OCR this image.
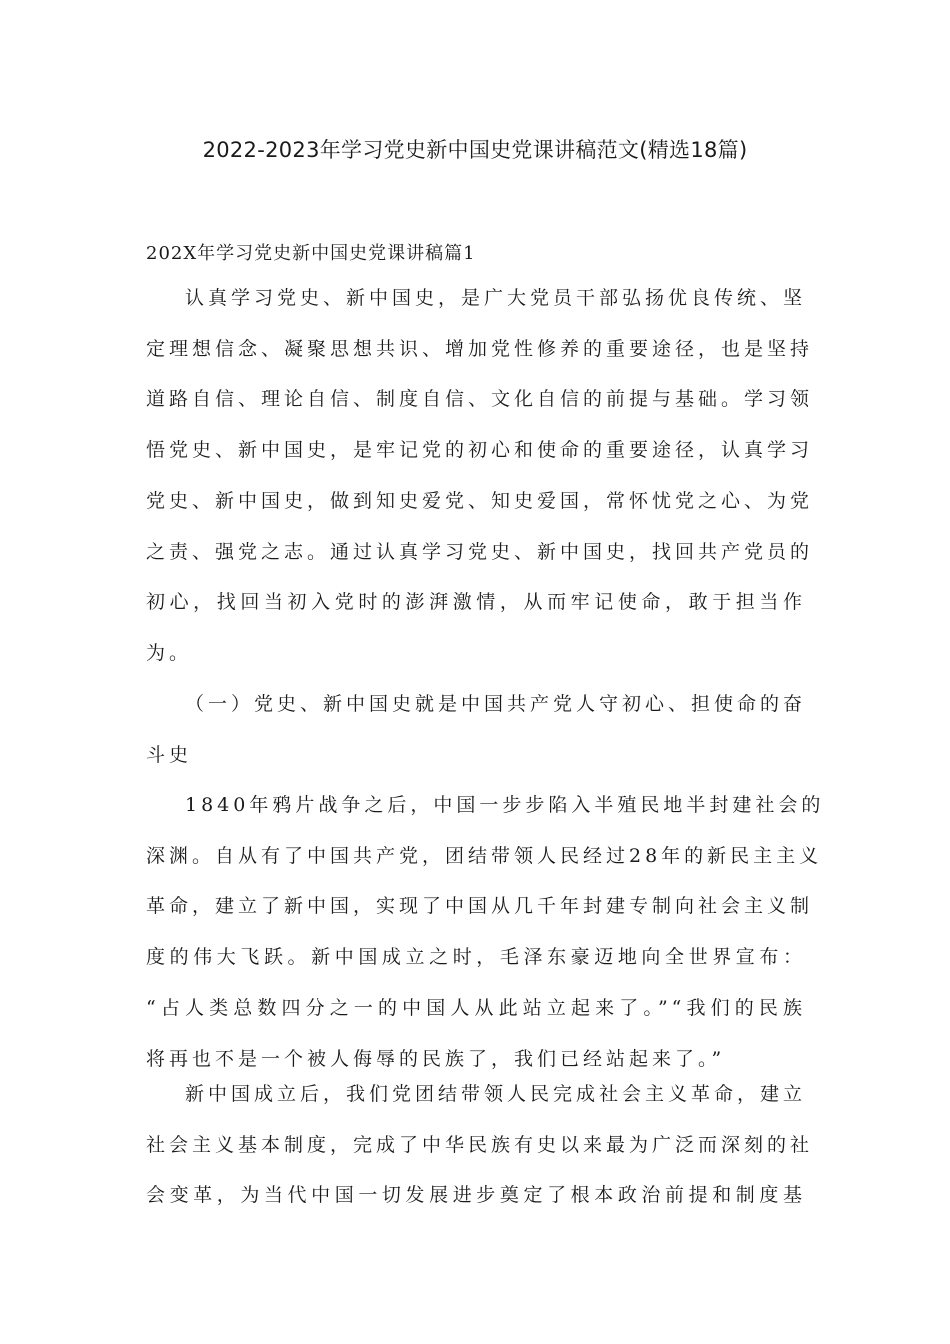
2022-2023年学习党史新中国史党课讲稿范文(精选18篇)
202X年学习党史新中国史党课讲稿篇1
认真学习党史、新中国史，是广大党员干部弘扬优良传统、坚
定理想信念、凝聚思想共识、增加党性修养的重要途径，也是坚持
道路自信、理论自信、制度自信、文化自信的前提与基础。学习领
悟党史、新中国史，是牢记党的初心和使命的重要途径，认真学习
党史、新中国史，做到知史爱党、知史爱国，常怀忧党之心、为党
之责、强党之志。通过认真学习党史、新中国史，找回共产党员的
初心，找回当初入党时的澎湃激情，从而牢记使命，敢于担当作
为。
（一）党史、新中国史就是中国共产党人守初心、担使命的奋
斗史
1840年鸦片战争之后，中国一步步陷入半殖民地半封建社会的
深渊。自从有了中国共产党，团结带领人民经过28年的新民主主义
革命，建立了新中国，实现了中国从几千年封建专制向社会主义制
度的伟大飞跃。新中国成立之时，毛泽东豪迈地向全世界宣布：
“占人类总数四分之一的中国人从此站立起来了。”“我们的民族
将再也不是一个被人侮辱的民族了，我们已经站起来了。”
新中国成立后，我们党团结带领人民完成社会主义革命，建立
社会主义基本制度，完成了中华民族有史以来最为广泛而深刻的社
会变革，为当代中国一切发展进步奠定了根本政治前提和制度基
